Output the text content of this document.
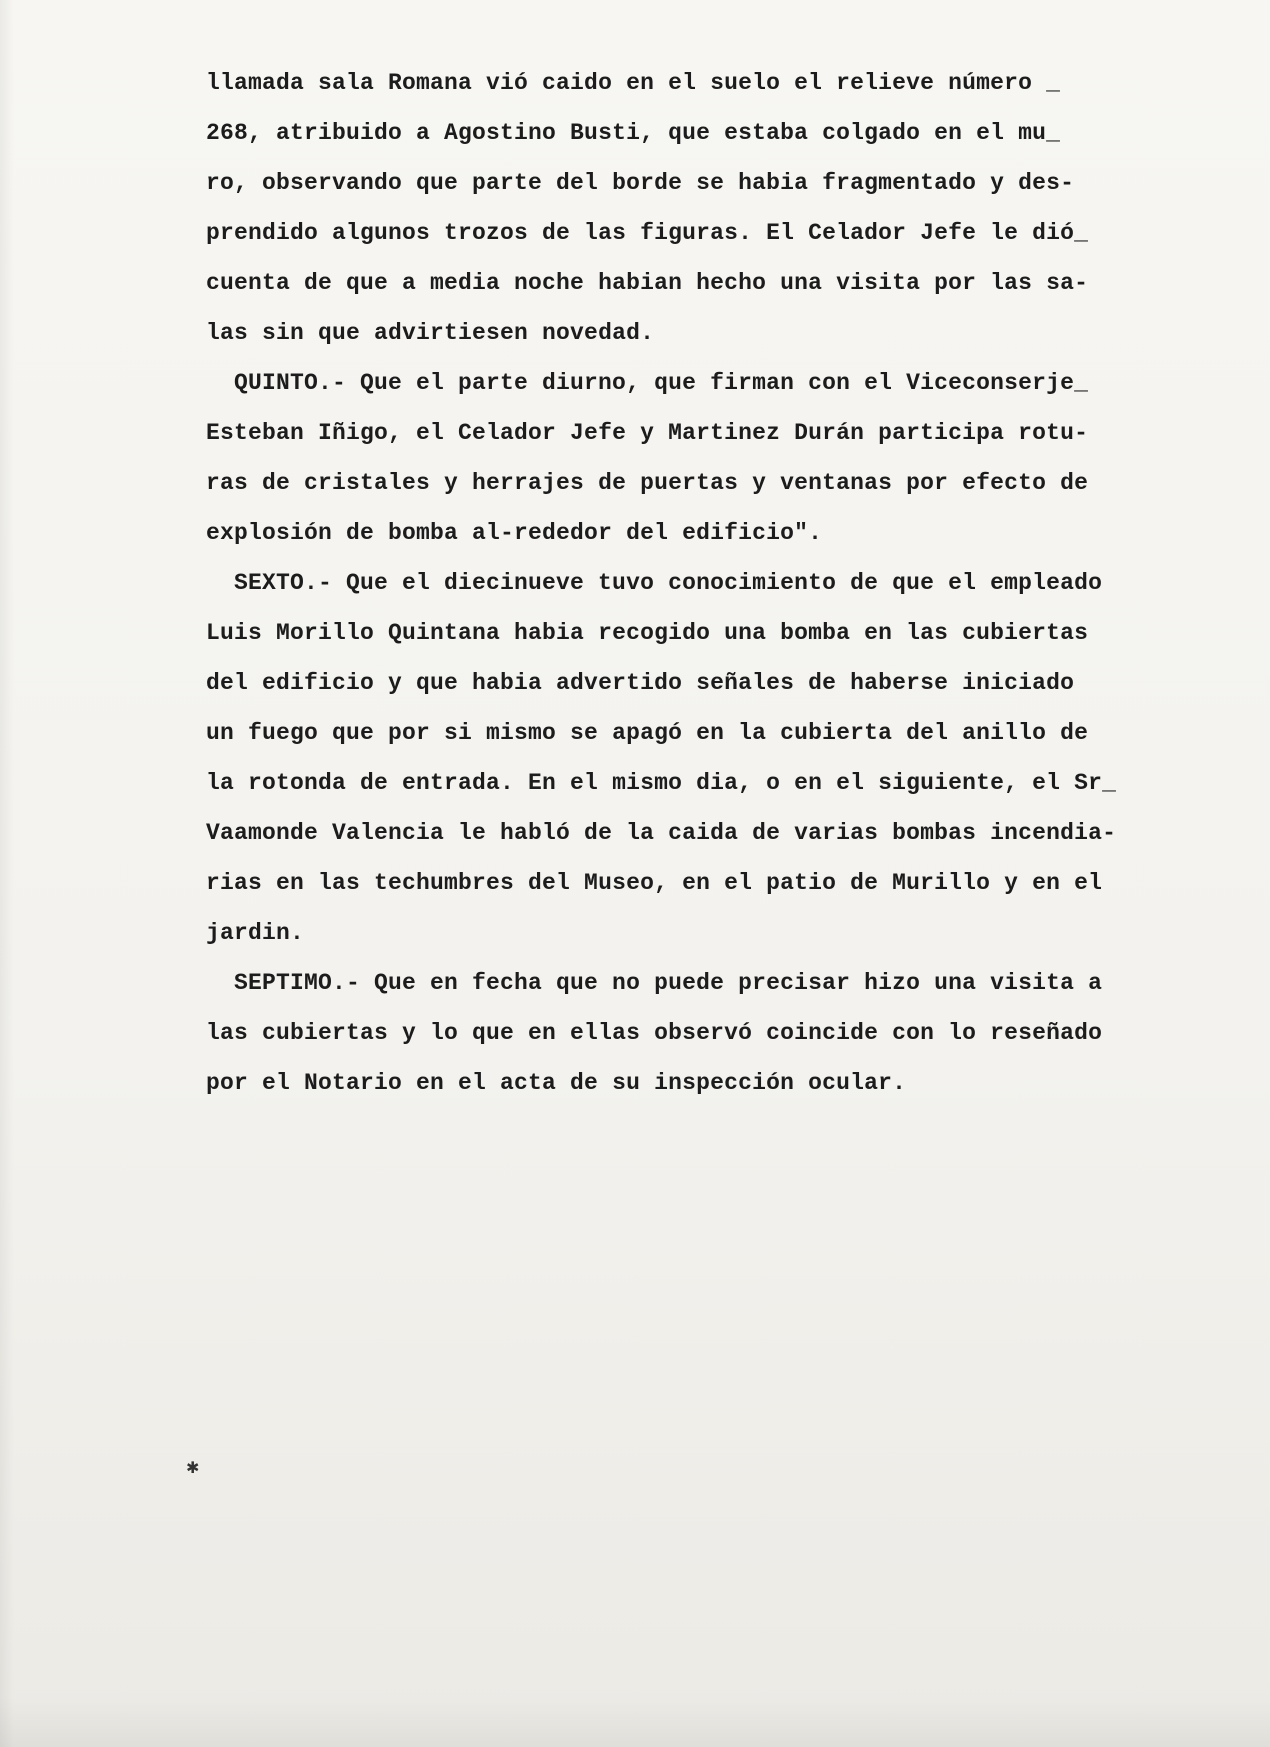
llamada sala Romana vió caido en el suelo el relieve número _
268, atribuido a Agostino Busti, que estaba colgado en el mu_
ro, observando que parte del borde se habia fragmentado y des-
prendido algunos trozos de las figuras. El Celador Jefe le dió_
cuenta de que a media noche habian hecho una visita por las sa-
las sin que advirtiesen novedad.
QUINTO.- Que el parte diurno, que firman con el Viceconserje_
Esteban Iñigo, el Celador Jefe y Martinez Durán participa rotu-
ras de cristales y herrajes de puertas y ventanas por efecto de
explosión de bomba al-rededor del edificio".
SEXTO.- Que el diecinueve tuvo conocimiento de que el empleado
Luis Morillo Quintana habia recogido una bomba en las cubiertas
del edificio y que habia advertido señales de haberse iniciado
un fuego que por si mismo se apagó en la cubierta del anillo de
la rotonda de entrada. En el mismo dia, o en el siguiente, el Sr_
Vaamonde Valencia le habló de la caida de varias bombas incendia-
rias en las techumbres del Museo, en el patio de Murillo y en el
jardin.
SEPTIMO.- Que en fecha que no puede precisar hizo una visita a
las cubiertas y lo que en ellas observó coincide con lo reseñado
por el Notario en el acta de su inspección ocular.
✱
